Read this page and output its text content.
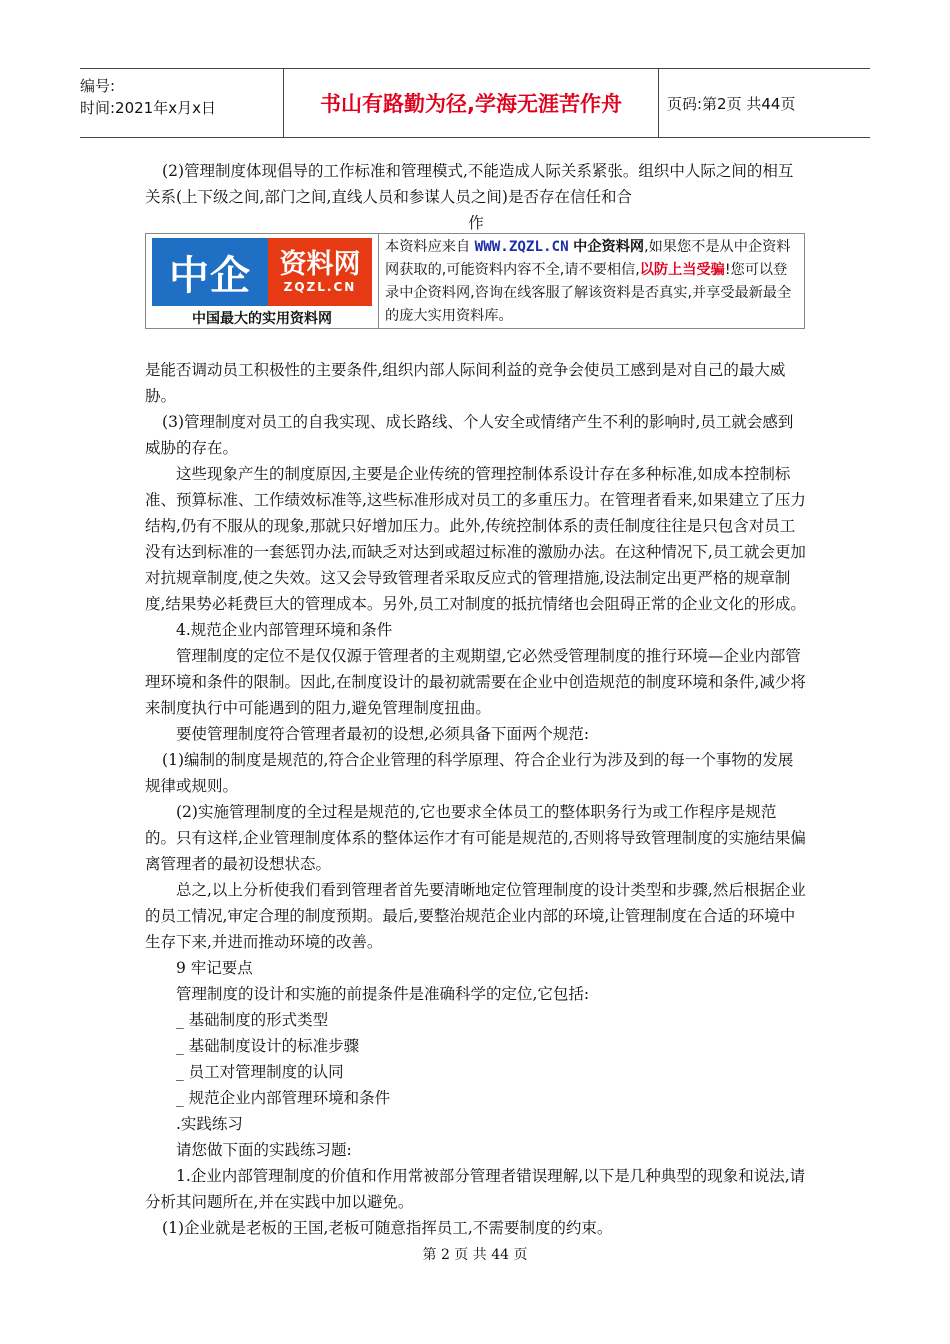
编号:
时间:2021年x月x日	书山有路勤为径,学海无涯苦作舟	页码:第2页 共44页

(2)管理制度体现倡导的工作标准和管理模式,不能造成人际关系紧张。组织中人际之间的相互关系(上下级之间,部门之间,直线人员和参谋人员之间)是否存在信任和合

作

中企	资料网
ZQZL.CN
中国最大的实用资料网
本资料应来自 WWW.ZQZL.CN 中企资料网,如果您不是从中企资料网获取的,可能资料内容不全,请不要相信,以防上当受骗!您可以登录中企资料网,咨询在线客服了解该资料是否真实,并享受最新最全的庞大实用资料库。

是能否调动员工积极性的主要条件,组织内部人际间利益的竞争会使员工感到是对自己的最大威胁。

(3)管理制度对员工的自我实现、成长路线、个人安全或情绪产生不利的影响时,员工就会感到威胁的存在。

这些现象产生的制度原因,主要是企业传统的管理控制体系设计存在多种标准,如成本控制标准、预算标准、工作绩效标准等,这些标准形成对员工的多重压力。在管理者看来,如果建立了压力结构,仍有不服从的现象,那就只好增加压力。此外,传统控制体系的责任制度往往是只包含对员工没有达到标准的一套惩罚办法,而缺乏对达到或超过标准的激励办法。在这种情况下,员工就会更加对抗规章制度,使之失效。这又会导致管理者采取反应式的管理措施,设法制定出更严格的规章制度,结果势必耗费巨大的管理成本。另外,员工对制度的抵抗情绪也会阻碍正常的企业文化的形成。

4.规范企业内部管理环境和条件

管理制度的定位不是仅仅源于管理者的主观期望,它必然受管理制度的推行环境—企业内部管理环境和条件的限制。因此,在制度设计的最初就需要在企业中创造规范的制度环境和条件,减少将来制度执行中可能遇到的阻力,避免管理制度扭曲。

要使管理制度符合管理者最初的设想,必须具备下面两个规范:

(1)编制的制度是规范的,符合企业管理的科学原理、符合企业行为涉及到的每一个事物的发展规律或规则。

(2)实施管理制度的全过程是规范的,它也要求全体员工的整体职务行为或工作程序是规范的。只有这样,企业管理制度体系的整体运作才有可能是规范的,否则将导致管理制度的实施结果偏离管理者的最初设想状态。

总之,以上分析使我们看到管理者首先要清晰地定位管理制度的设计类型和步骤,然后根据企业的员工情况,审定合理的制度预期。最后,要整治规范企业内部的环境,让管理制度在合适的环境中生存下来,并进而推动环境的改善。

9 牢记要点

管理制度的设计和实施的前提条件是准确科学的定位,它包括:

_ 基础制度的形式类型

_ 基础制度设计的标准步骤

_ 员工对管理制度的认同

_ 规范企业内部管理环境和条件

.实践练习

请您做下面的实践练习题:

1.企业内部管理制度的价值和作用常被部分管理者错误理解,以下是几种典型的现象和说法,请分析其问题所在,并在实践中加以避免。

(1)企业就是老板的王国,老板可随意指挥员工,不需要制度的约束。

第 2 页 共 44 页
